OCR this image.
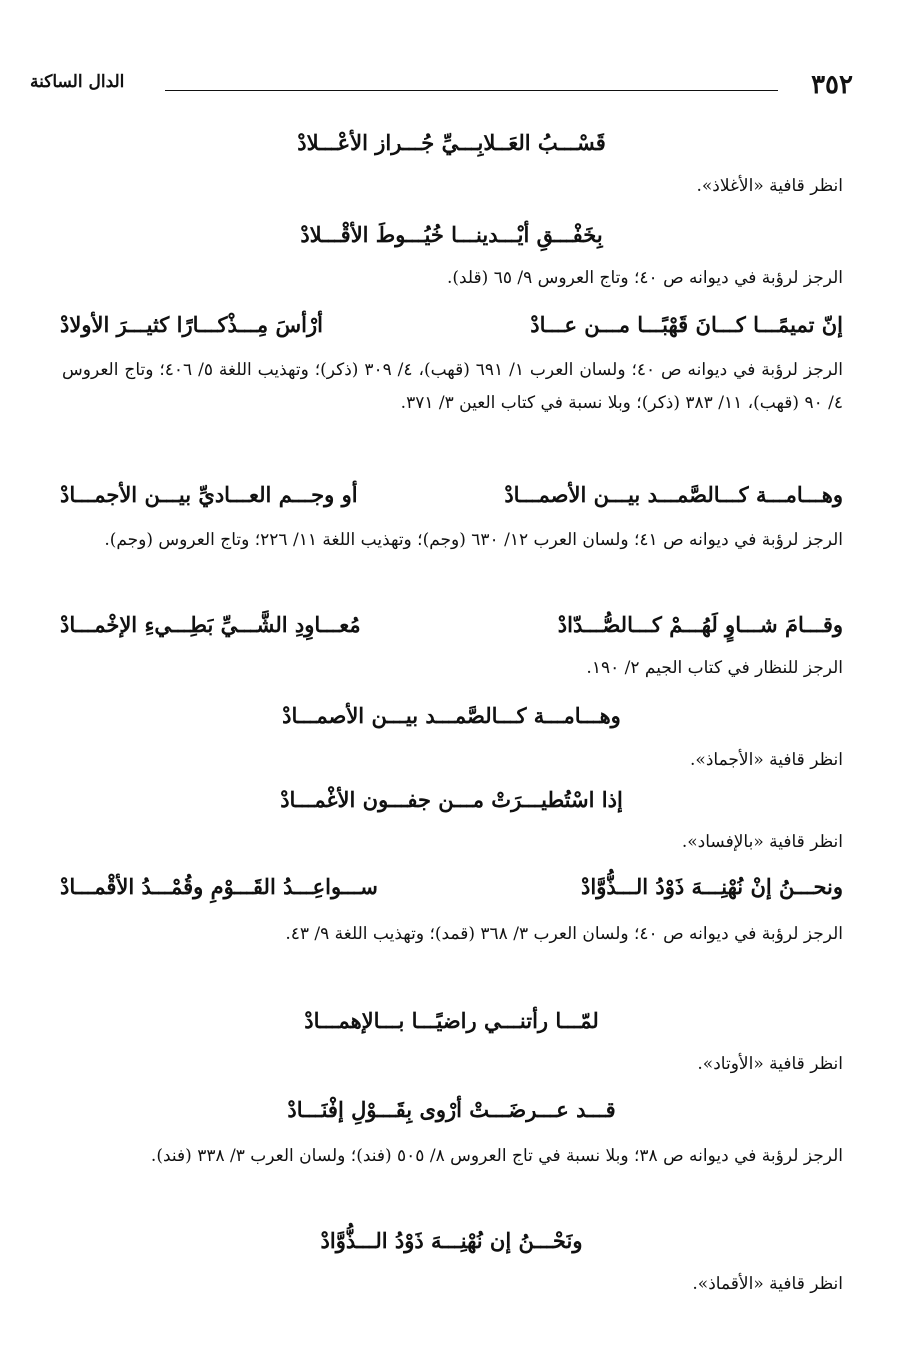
٣٥٢
الدال الساكنة
قَسْـــبُ العَــلابِـــيِّ جُـــراز الأعْـــلادْ
انظر قافية «الأغلاذ».
بِخَفْـــقِ أيْـــدينـــا خُيُـــوطَ الأقْـــلادْ
الرجز لرؤبة في ديوانه ص ٤٠؛ وتاج العروس ٩/ ٦٥ (قلد).
إنّ تميمًـــا كـــانَ قَهْبًـــا مـــن عـــادْ
أرْأسَ مِـــذْكـــارًا كثيـــرَ الأولادْ
الرجز لرؤبة في ديوانه ص ٤٠؛ ولسان العرب ١/ ٦٩١ (قهب)، ٤/ ٣٠٩ (ذكر)؛ وتهذيب اللغة ٥/ ٤٠٦؛ وتاج العروس ٤/ ٩٠ (قهب)، ١١/ ٣٨٣ (ذكر)؛ وبلا نسبة في كتاب العين ٣/ ٣٧١.
وهـــامـــة كـــالصَّمـــد بيـــن الأصمـــادْ
أو وجـــم العـــاديِّ بيـــن الأجمـــادْ
الرجز لرؤبة في ديوانه ص ٤١؛ ولسان العرب ١٢/ ٦٣٠ (وجم)؛ وتهذيب اللغة ١١/ ٢٢٦؛ وتاج العروس (وجم).
وقـــامَ شـــاوٍ لَهُـــمْ كـــالصُّـــدّادْ
مُعـــاوِدِ الشَّـــيِّ بَطِـــيءِ الإخْمـــادْ
الرجز للنظار في كتاب الجيم ٢/ ١٩٠.
وهـــامـــة كـــالصَّمـــد بيـــن الأصمـــادْ
انظر قافية «الأجماذ».
إذا اسْتُطيـــرَتْ مـــن جفـــون الأغْمـــادْ
انظر قافية «بالإفساد».
ونحـــنُ إنْ نُهْنِـــهَ ذَوْدُ الـــذُّوَّادْ
ســـواعِـــدُ القَـــوْمِ وقُمْـــدُ الأقْمـــادْ
الرجز لرؤبة في ديوانه ص ٤٠؛ ولسان العرب ٣/ ٣٦٨ (قمد)؛ وتهذيب اللغة ٩/ ٤٣.
لمّـــا رأتنـــي راضيًـــا بـــالإهمـــادْ
انظر قافية «الأوتاد».
قـــد عـــرضَـــتْ أرْوى بِقَـــوْلِ إفْنَـــادْ
الرجز لرؤبة في ديوانه ص ٣٨؛ وبلا نسبة في تاج العروس ٨/ ٥٠٥ (فند)؛ ولسان العرب ٣/ ٣٣٨ (فند).
ونَحْـــنُ إن نُهْنِـــهَ ذَوْدُ الـــذُّوَّادْ
انظر قافية «الأقماذ».
